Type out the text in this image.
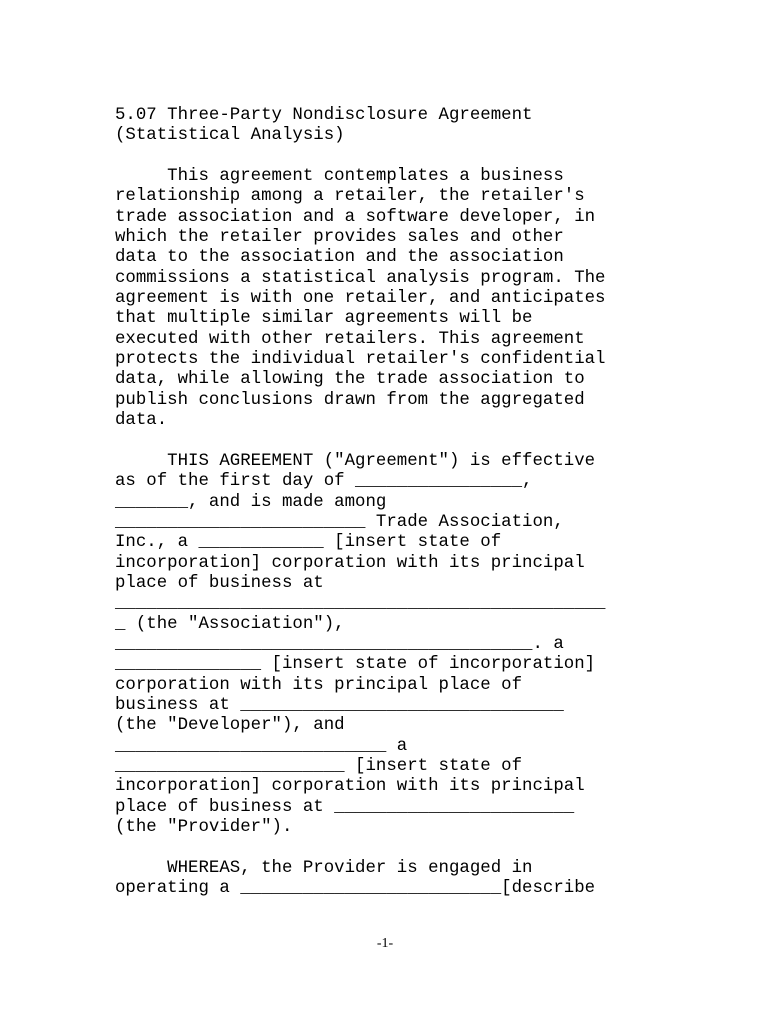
5.07 Three-Party Nondisclosure Agreement
(Statistical Analysis)
This agreement contemplates a business
relationship among a retailer, the retailer's
trade association and a software developer, in
which the retailer provides sales and other
data to the association and the association
commissions a statistical analysis program. The
agreement is with one retailer, and anticipates
that multiple similar agreements will be
executed with other retailers. This agreement
protects the individual retailer's confidential
data, while allowing the trade association to
publish conclusions drawn from the aggregated
data.
THIS AGREEMENT ("Agreement") is effective
as of the first day of ________________,
_______, and is made among
________________________ Trade Association,
Inc., a ____________ [insert state of
incorporation] corporation with its principal
place of business at
_______________________________________________
_ (the "Association"),
________________________________________. a
______________ [insert state of incorporation]
corporation with its principal place of
business at _______________________________
(the "Developer"), and
__________________________ a
______________________ [insert state of
incorporation] corporation with its principal
place of business at _______________________
(the "Provider").
WHEREAS, the Provider is engaged in
operating a _________________________[describe
-1-
